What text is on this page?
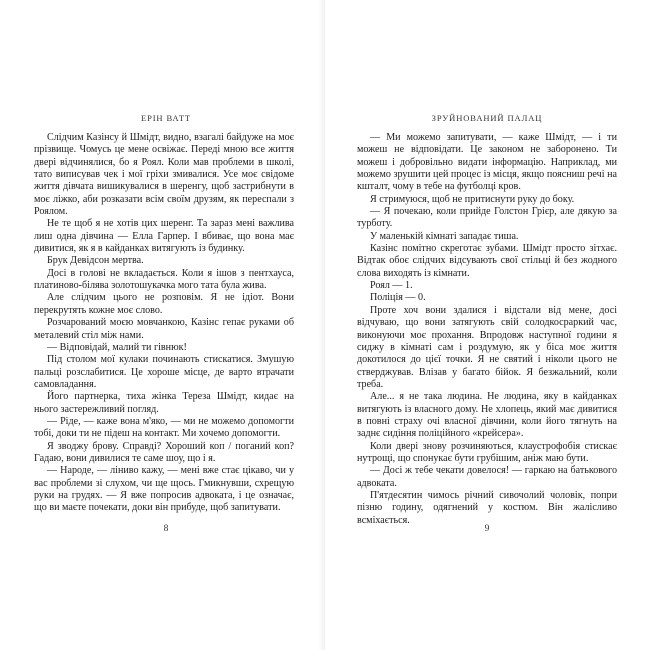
ЕРІН ВАТТ

Слідчим Казінсу й Шмідт, видно, взагалі байдуже на моє прізвище. Чомусь це мене освіжає. Переді мною все життя двері відчинялися, бо я Роял. Коли мав проблеми в школі, тато виписував чек і мої гріхи змивалися. Усе моє свідоме життя дівчата вишикувалися в шеренгу, щоб застрибнути в моє ліжко, аби розказати всім своїм друзям, як переспали з Роялом.

Не те щоб я не хотів цих шеренг. Та зараз мені важлива лиш одна дівчина — Елла Гарпер. І вбиває, що вона має дивитися, як я в кайданках витягують із будинку.

Брук Девідсон мертва.

Досі в голові не вкладається. Коли я ішов з пентхауса, платиново-білява золотошукачка мого тата була жива.

Але слідчим цього не розповім. Я не ідіот. Вони перекрутять кожне моє слово.

Розчарований моєю мовчанкою, Казінс гепає руками об металевий стіл між нами.

— Відповідай, малий ти гівнюк!

Під столом мої кулаки починають стискатися. Змушую пальці розслабитися. Це хороше місце, де варто втрачати самовладання.

Його партнерка, тиха жінка Тереза Шмідт, кидає на нього застережливий погляд.

— Ріде, — каже вона м'яко, — ми не можемо допомогти тобі, доки ти не підеш на контакт. Ми хочемо допомогти.

Я зводжу брову. Справді? Хороший коп / поганий коп? Гадаю, вони дивилися те саме шоу, що і я.

— Народе, — ліниво кажу, — мені вже стає цікаво, чи у вас проблеми зі слухом, чи ще щось. Гмикнувши, схрещую руки на грудях. — Я вже попросив адвоката, і це означає, що ви маєте почекати, доки він прибуде, щоб запитувати.

8
ЗРУЙНОВАНИЙ ПАЛАЦ

— Ми можемо запитувати, — каже Шмідт, — і ти можеш не відповідати. Це законом не заборонено. Ти можеш і добровільно видати інформацію. Наприклад, ми можемо зрушити цей процес із місця, якщо поясниш речі на кшталт, чому в тебе на футболці кров.

Я стримуюся, щоб не притиснути руку до боку.

— Я почекаю, коли прийде Голстон Грієр, але дякую за турботу.

У маленькій кімнаті западає тиша.

Казінс помітно скреготає зубами. Шмідт просто зітхає. Відтак обоє слідчих відсувають свої стільці й без жодного слова виходять із кімнати.

Роял — 1.

Поліція — 0.

Проте хоч вони здалися і відстали від мене, досі відчуваю, що вони затягують свій солодкосраркий час, виконуючи моє прохання. Впродовж наступної години я сиджу в кімнаті сам і роздумую, як у біса моє життя докотилося до цієї точки. Я не святий і ніколи цього не стверджував. Влізав у багато бійок. Я безжальний, коли треба.

Але... я не така людина. Не людина, яку в кайданках витягують із власного дому. Не хлопець, який має дивитися в повні страху очі власної дівчини, коли його тягнуть на заднє сидіння поліційного «крейсера».

Коли двері знову розчиняються, клаустрофобія стискає нутрощі, що спонукає бути грубішим, аніж маю бути.

— Досі ж тебе чекати довелося! — гаркаю на батькового адвоката.

П'ятдесятин чимось річний сивочолий чоловік, попри пізню годину, одягнений у костюм. Він жалісливо всміхається.

9
